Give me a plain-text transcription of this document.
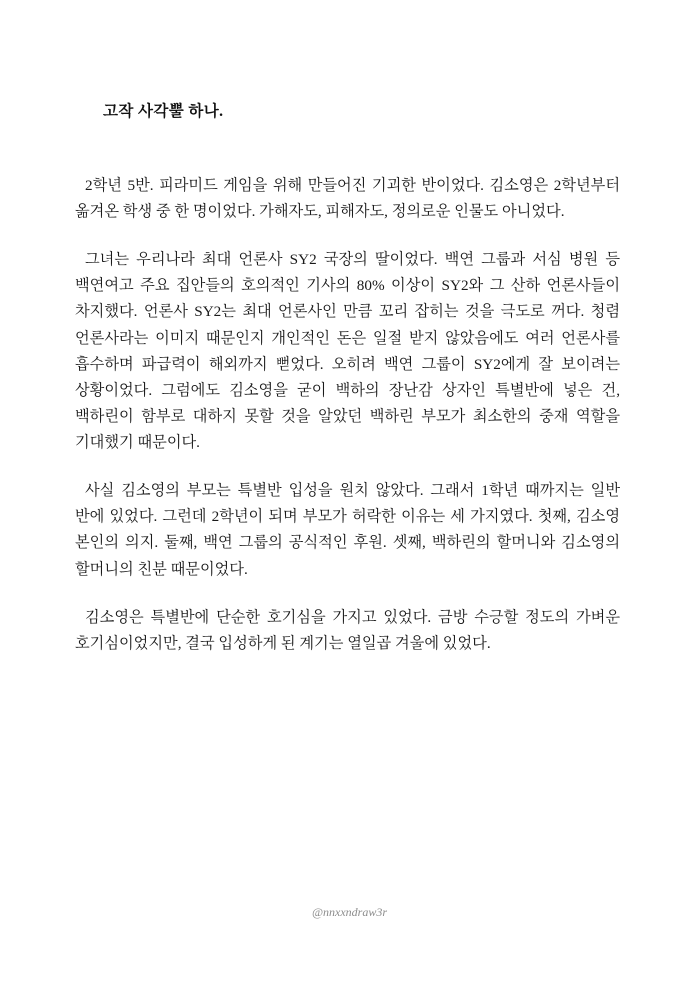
고작 사각뿔 하나.

2학년 5반. 피라미드 게임을 위해 만들어진 기괴한 반이었다. 김소영은 2학년부터 옮겨온 학생 중 한 명이었다. 가해자도, 피해자도, 정의로운 인물도 아니었다.

그녀는 우리나라 최대 언론사 SY2 국장의 딸이었다. 백연 그룹과 서심 병원 등 백연여고 주요 집안들의 호의적인 기사의 80% 이상이 SY2와 그 산하 언론사들이 차지했다. 언론사 SY2는 최대 언론사인 만큼 꼬리 잡히는 것을 극도로 꺼다. 청렴 언론사라는 이미지 때문인지 개인적인 돈은 일절 받지 않았음에도 여러 언론사를 흡수하며 파급력이 해외까지 뻗었다. 오히려 백연 그룹이 SY2에게 잘 보이려는 상황이었다. 그럼에도 김소영을 굳이 백하의 장난감 상자인 특별반에 넣은 건, 백하린이 함부로 대하지 못할 것을 알았던 백하린 부모가 최소한의 중재 역할을 기대했기 때문이다.

사실 김소영의 부모는 특별반 입성을 원치 않았다. 그래서 1학년 때까지는 일반 반에 있었다. 그런데 2학년이 되며 부모가 허락한 이유는 세 가지였다. 첫째, 김소영 본인의 의지. 둘째, 백연 그룹의 공식적인 후원. 셋째, 백하린의 할머니와 김소영의 할머니의 친분 때문이었다.

김소영은 특별반에 단순한 호기심을 가지고 있었다. 금방 수긍할 정도의 가벼운 호기심이었지만, 결국 입성하게 된 계기는 열일곱 겨울에 있었다.

@nnxxndraw3r
